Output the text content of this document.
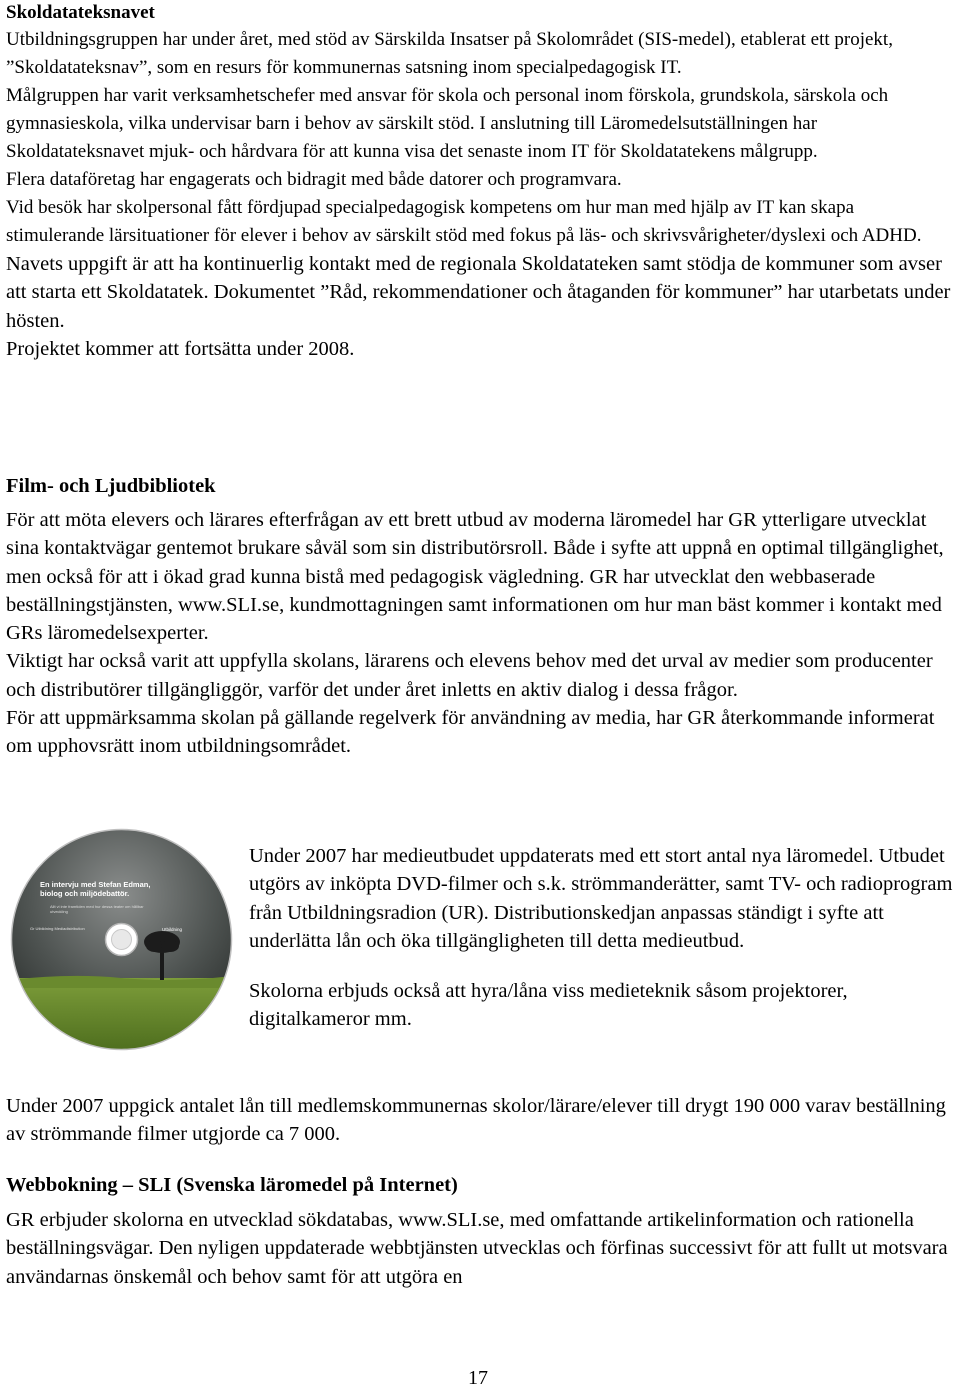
Skoldatateksnavet

Utbildningsgruppen har under året, med stöd av Särskilda Insatser på Skolområdet (SIS-medel), etablerat ett projekt, ”Skoldatateksnav”, som en resurs för kommunernas satsning inom specialpedagogisk IT.

Målgruppen har varit verksamhetschefer med ansvar för skola och personal inom förskola, grundskola, särskola och gymnasieskola, vilka undervisar barn i behov av särskilt stöd. I anslutning till Läromedelsutställningen har Skoldatateksnavet mjuk- och hårdvara för att kunna visa det senaste inom IT för Skoldatatekens målgrupp.

Flera dataföretag har engagerats och bidragit med både datorer och programvara.

Vid besök har skolpersonal fått fördjupad specialpedagogisk kompetens om hur man med hjälp av IT kan skapa stimulerande lärsituationer för elever i behov av särskilt stöd med fokus på läs- och skrivsvårigheter/dyslexi och ADHD.

Navets uppgift är att ha kontinuerlig kontakt med de regionala Skoldatateken samt stödja de kommuner som avser att starta ett Skoldatatek. Dokumentet ”Råd, rekommendationer och åtaganden för kommuner” har utarbetats under hösten.

Projektet kommer att fortsätta under 2008.

Film- och Ljudbibliotek

För att möta elevers och lärares efterfrågan av ett brett utbud av moderna läromedel har GR ytterligare utvecklat sina kontaktvägar gentemot brukare såväl som sin distributörsroll. Både i syfte att uppnå en optimal tillgänglighet, men också för att i ökad grad kunna bistå med pedagogisk vägledning. GR har utvecklat den webbaserade beställningstjänsten, www.SLI.se, kundmottagningen samt informationen om hur man bäst kommer i kontakt med GRs läromedelsexperter.

Viktigt har också varit att uppfylla skolans, lärarens och elevens behov med det urval av medier som producenter och distributörer tillgängliggör, varför det under året inletts en aktiv dialog i dessa frågor.

För att uppmärksamma skolan på gällande regelverk för användning av media, har GR återkommande informerat om upphovsrätt inom utbildningsområdet.

En intervju med Stefan Edman, biolog och miljödebattör.
Allt vi inte framtiden med hur dessa teater om hållbar utveckling
Gr Utbildning Mediadistribution	Utbildning

Under 2007 har medieutbudet uppdaterats med ett stort antal nya läromedel. Utbudet utgörs av inköpta DVD-filmer och s.k. strömmanderätter, samt TV- och radioprogram från Utbildningsradion (UR). Distributionskedjan anpassas ständigt i syfte att underlätta lån och öka tillgängligheten till detta medieutbud.

Skolorna erbjuds också att hyra/låna viss medieteknik såsom projektorer, digitalkameror mm.

Under 2007 uppgick antalet lån till medlemskommunernas skolor/lärare/elever till drygt 190 000 varav beställning av strömmande filmer utgjorde ca 7 000.

Webbokning – SLI (Svenska läromedel på Internet)

GR erbjuder skolorna en utvecklad sökdatabas, www.SLI.se, med omfattande artikelinformation och rationella beställningsvägar. Den nyligen uppdaterade webbtjänsten utvecklas och förfinas successivt för att fullt ut motsvara användarnas önskemål och behov samt för att utgöra en

17
